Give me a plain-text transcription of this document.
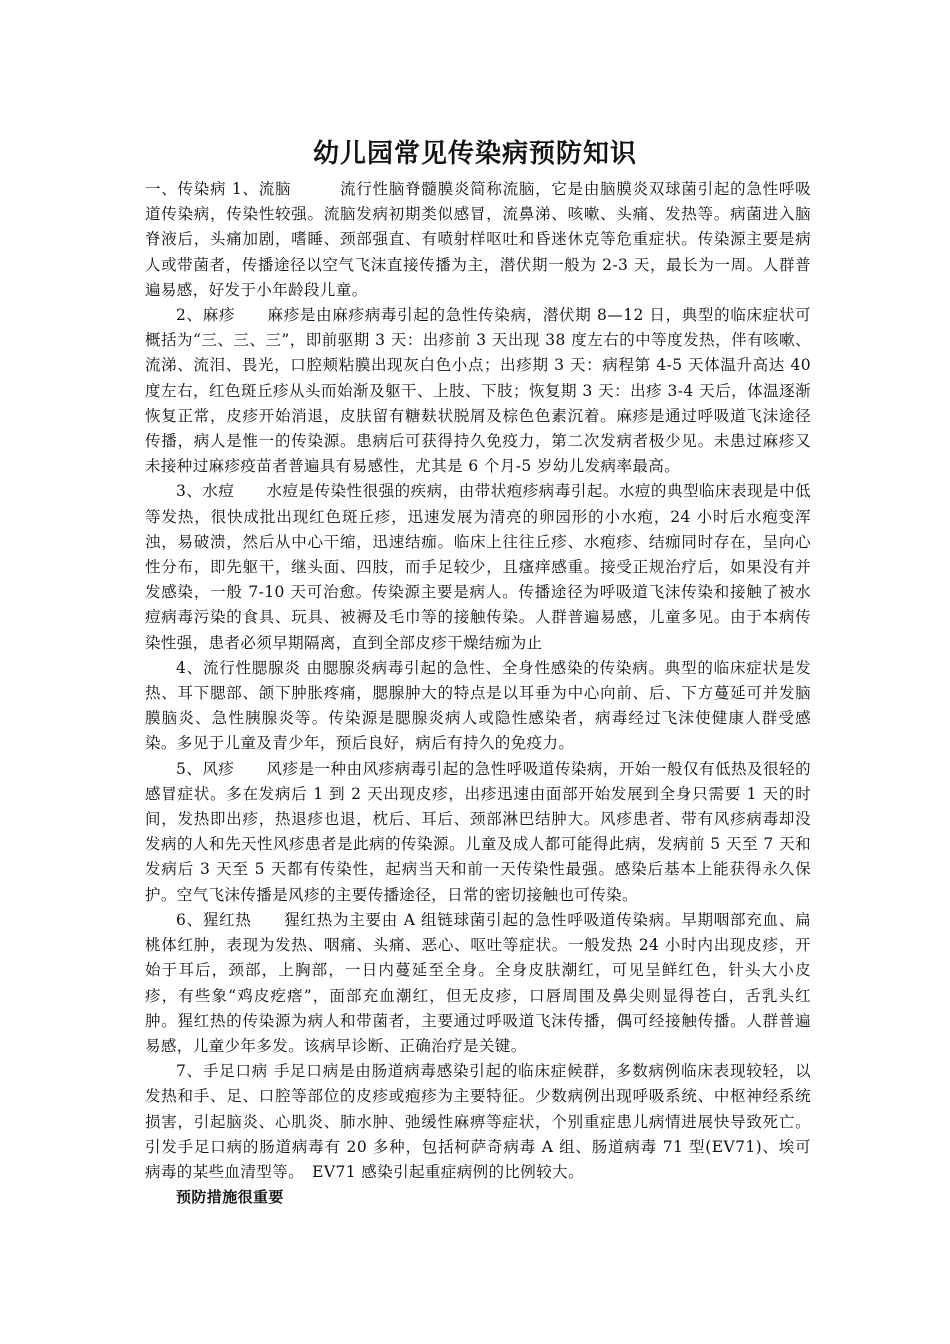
幼儿园常见传染病预防知识

一、传染病 1、流脑　　　流行性脑脊髓膜炎简称流脑，它是由脑膜炎双球菌引起的急性呼吸道传染病，传染性较强。流脑发病初期类似感冒，流鼻涕、咳嗽、头痛、发热等。病菌进入脑脊液后，头痛加剧，嗜睡、颈部强直、有喷射样呕吐和昏迷休克等危重症状。传染源主要是病人或带菌者，传播途径以空气飞沫直接传播为主，潜伏期一般为 2-3 天，最长为一周。人群普遍易感，好发于小年龄段儿童。

2、麻疹　　麻疹是由麻疹病毒引起的急性传染病，潜伏期 8—12 日，典型的临床症状可概括为“三、三、三”，即前驱期 3 天：出疹前 3 天出现 38 度左右的中等度发热，伴有咳嗽、流涕、流泪、畏光，口腔颊粘膜出现灰白色小点；出疹期 3 天：病程第 4-5 天体温升高达 40 度左右，红色斑丘疹从头而始渐及躯干、上肢、下肢；恢复期 3 天：出疹 3-4 天后，体温逐渐恢复正常，皮疹开始消退，皮肤留有糖麸状脱屑及棕色色素沉着。麻疹是通过呼吸道飞沫途径传播，病人是惟一的传染源。患病后可获得持久免疫力，第二次发病者极少见。未患过麻疹又未接种过麻疹疫苗者普遍具有易感性，尤其是 6 个月-5 岁幼儿发病率最高。

3、水痘　　水痘是传染性很强的疾病，由带状疱疹病毒引起。水痘的典型临床表现是中低等发热，很快成批出现红色斑丘疹，迅速发展为清亮的卵园形的小水疱，24 小时后水疱变浑浊，易破溃，然后从中心干缩，迅速结痂。临床上往往丘疹、水疱疹、结痂同时存在，呈向心性分布，即先躯干，继头面、四肢，而手足较少，且瘙痒感重。接受正规治疗后，如果没有并发感染，一般 7-10 天可治愈。传染源主要是病人。传播途径为呼吸道飞沫传染和接触了被水痘病毒污染的食具、玩具、被褥及毛巾等的接触传染。人群普遍易感，儿童多见。由于本病传染性强，患者必须早期隔离，直到全部皮疹干燥结痂为止

4、流行性腮腺炎 由腮腺炎病毒引起的急性、全身性感染的传染病。典型的临床症状是发热、耳下腮部、颌下肿胀疼痛，腮腺肿大的特点是以耳垂为中心向前、后、下方蔓延可并发脑膜脑炎、急性胰腺炎等。传染源是腮腺炎病人或隐性感染者，病毒经过飞沫使健康人群受感染。多见于儿童及青少年，预后良好，病后有持久的免疫力。

5、风疹　　风疹是一种由风疹病毒引起的急性呼吸道传染病，开始一般仅有低热及很轻的感冒症状。多在发病后 1 到 2 天出现皮疹，出疹迅速由面部开始发展到全身只需要 1 天的时间，发热即出疹，热退疹也退，枕后、耳后、颈部淋巴结肿大。风疹患者、带有风疹病毒却没发病的人和先天性风疹患者是此病的传染源。儿童及成人都可能得此病，发病前 5 天至 7 天和发病后 3 天至 5 天都有传染性，起病当天和前一天传染性最强。感染后基本上能获得永久保护。空气飞沫传播是风疹的主要传播途径，日常的密切接触也可传染。

6、猩红热　　猩红热为主要由 A 组链球菌引起的急性呼吸道传染病。早期咽部充血、扁桃体红肿，表现为发热、咽痛、头痛、恶心、呕吐等症状。一般发热 24 小时内出现皮疹，开始于耳后，颈部，上胸部，一日内蔓延至全身。全身皮肤潮红，可见呈鲜红色，针头大小皮疹，有些象“鸡皮疙瘩”，面部充血潮红，但无皮疹，口唇周围及鼻尖则显得苍白，舌乳头红肿。猩红热的传染源为病人和带菌者，主要通过呼吸道飞沫传播，偶可经接触传播。人群普遍易感，儿童少年多发。该病早诊断、正确治疗是关键。

7、手足口病 手足口病是由肠道病毒感染引起的临床症候群，多数病例临床表现较轻，以发热和手、足、口腔等部位的皮疹或疱疹为主要特征。少数病例出现呼吸系统、中枢神经系统损害，引起脑炎、心肌炎、肺水肿、弛缓性麻痹等症状，个别重症患儿病情进展快导致死亡。引发手足口病的肠道病毒有 20 多种，包括柯萨奇病毒 A 组、肠道病毒 71 型(EV71)、埃可病毒的某些血清型等。　EV71 感染引起重症病例的比例较大。

预防措施很重要
